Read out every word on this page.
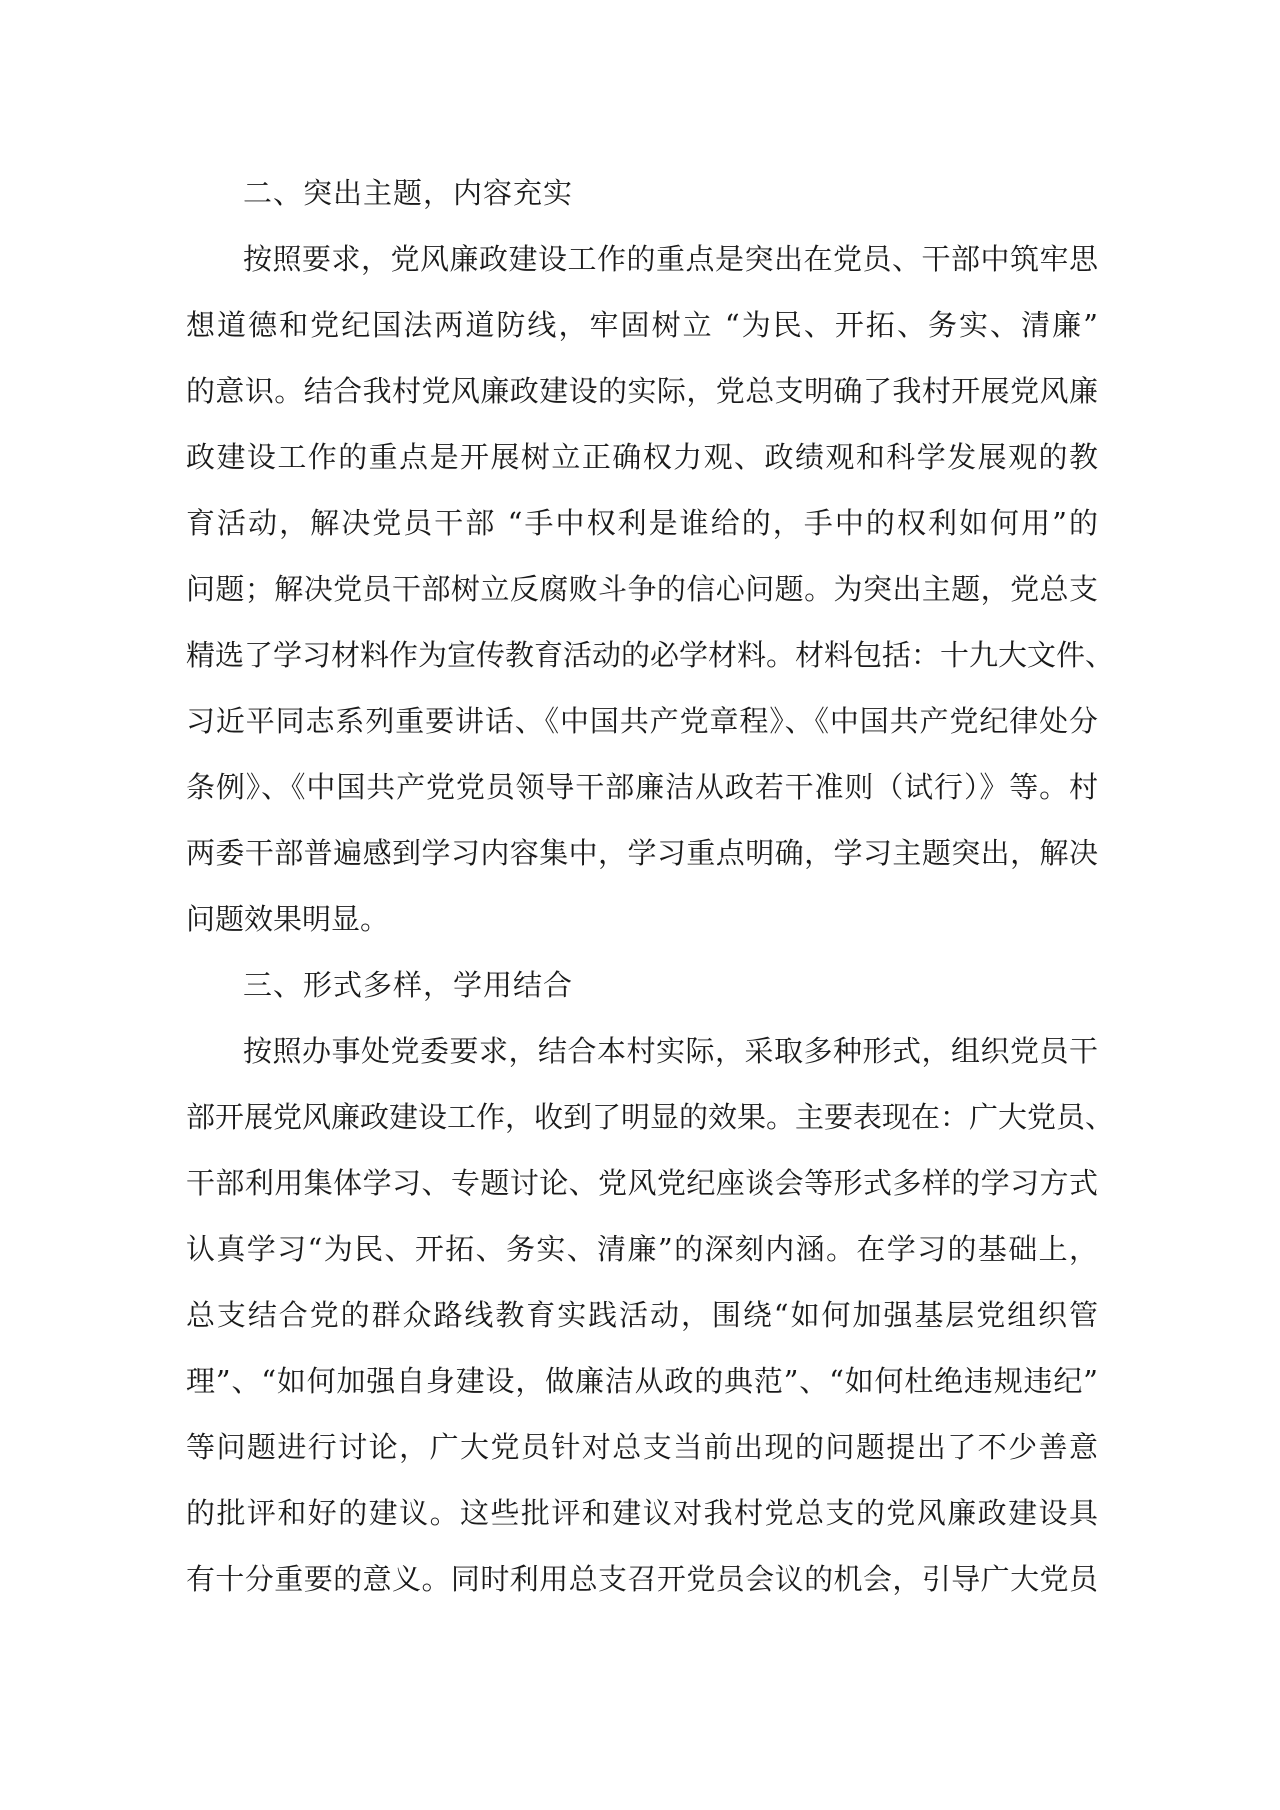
二、突出主题，内容充实
按照要求，党风廉政建设工作的重点是突出在党员、干部中筑牢思
想道德和党纪国法两道防线，牢固树立 “为民、开拓、务实、清廉”
的意识。结合我村党风廉政建设的实际，党总支明确了我村开展党风廉
政建设工作的重点是开展树立正确权力观、政绩观和科学发展观的教
育活动，解决党员干部 “手中权利是谁给的，手中的权利如何用”的
问题；解决党员干部树立反腐败斗争的信心问题。为突出主题，党总支
精选了学习材料作为宣传教育活动的必学材料。材料包括：十九大文件、
习近平同志系列重要讲话、《中国共产党章程》、《中国共产党纪律处分
条例》、《中国共产党党员领导干部廉洁从政若干准则（试行）》等。村
两委干部普遍感到学习内容集中，学习重点明确，学习主题突出，解决
问题效果明显。
三、形式多样，学用结合
按照办事处党委要求，结合本村实际，采取多种形式，组织党员干
部开展党风廉政建设工作，收到了明显的效果。主要表现在：广大党员、
干部利用集体学习、专题讨论、党风党纪座谈会等形式多样的学习方式
认真学习“为民、开拓、务实、清廉”的深刻内涵。在学习的基础上，
总支结合党的群众路线教育实践活动，围绕“如何加强基层党组织管
理”、“如何加强自身建设，做廉洁从政的典范”、“如何杜绝违规违纪”
等问题进行讨论，广大党员针对总支当前出现的问题提出了不少善意
的批评和好的建议。这些批评和建议对我村党总支的党风廉政建设具
有十分重要的意义。同时利用总支召开党员会议的机会，引导广大党员
